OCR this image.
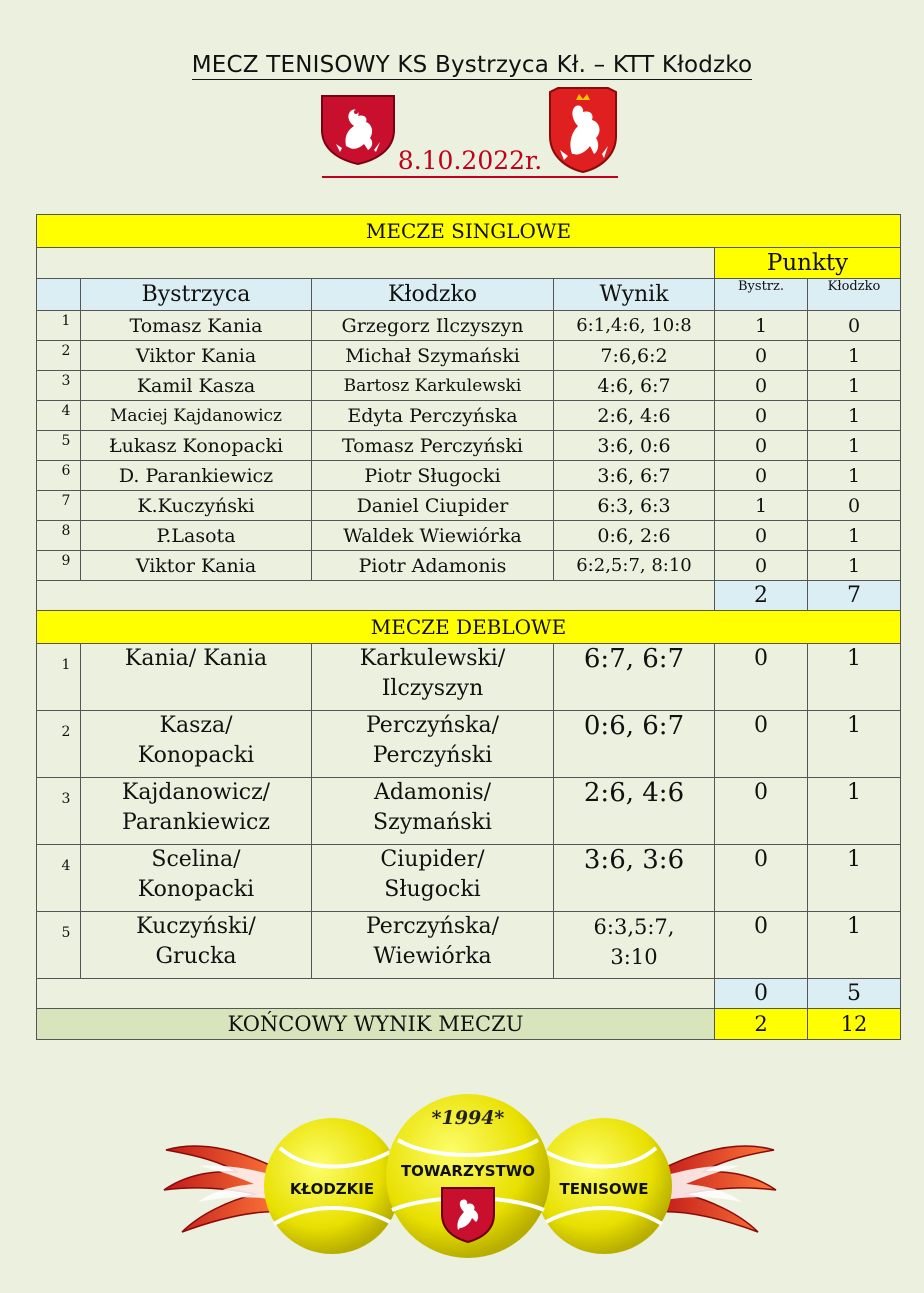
MECZ TENISOWY KS Bystrzyca Kł. – KTT Kłodzko
8.10.2022r.
MECZE SINGLOWE					
				Punkty	
	Bystrzyca	Kłodzko	Wynik	Bystrz.	Kłodzko
1	Tomasz Kania	Grzegorz Ilczyszyn	6:1,4:6, 10:8	1	0
2	Viktor Kania	Michał Szymański	7:6,6:2	0	1
3	Kamil Kasza	Bartosz Karkulewski	4:6, 6:7	0	1
4	Maciej Kajdanowicz	Edyta Perczyńska	2:6, 4:6	0	1
5	Łukasz Konopacki	Tomasz Perczyński	3:6, 0:6	0	1
6	D. Parankiewicz	Piotr Sługocki	3:6, 6:7	0	1
7	K.Kuczyński	Daniel Ciupider	6:3, 6:3	1	0
8	P.Lasota	Waldek Wiewiórka	0:6, 2:6	0	1
9	Viktor Kania	Piotr Adamonis	6:2,5:7, 8:10	0	1
				2	7
MECZE DEBLOWE					
1	Kania/ Kania	Karkulewski/
Ilczyszyn	6:7, 6:7	0	1
2	Kasza/
Konopacki	Perczyńska/
Perczyński	0:6, 6:7	0	1
3	Kajdanowicz/
Parankiewicz	Adamonis/
Szymański	2:6, 4:6	0	1
4	Scelina/
Konopacki	Ciupider/
Sługocki	3:6, 3:6	0	1
5	Kuczyński/
Grucka	Perczyńska/
Wiewiórka	6:3,5:7,
3:10	0	1
				0	5
KOŃCOWY WYNIK MECZU				2	12
*1994*
TOWARZYSTWO
KŁODZKIE	TENISOWE
